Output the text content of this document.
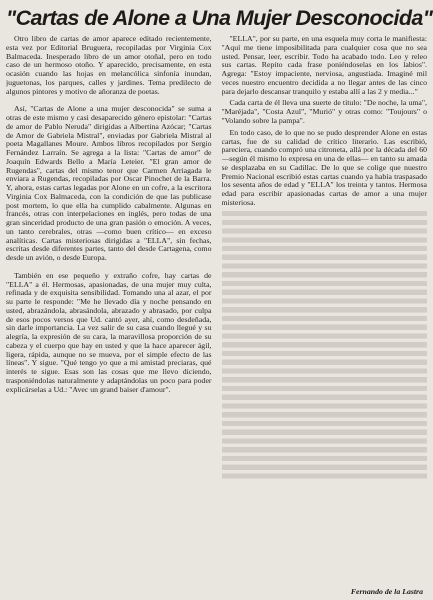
"Cartas de Alone a Una Mujer Desconocida"

Otro libro de cartas de amor aparece editado recientemente, esta vez por Editorial Bruguera, recopiladas por Virginia Cox Balmaceda. Inesperado libro de un amor otoñal, pero en todo caso de un hermoso otoño. Y aparecido, precisamente, en esta ocasión cuando las hojas en melancólica sinfonía inundan, juguetonas, los parques, calles y jardines. Tema predilecto de algunos pintores y motivo de añoranza de poetas.

Así, "Cartas de Alone a una mujer desconocida" se suma a otras de este mismo y casi desaparecido género epistolar: "Cartas de amor de Pablo Neruda" dirigidas a Albertina Azócar; "Cartas de Amor de Gabriela Mistral", enviadas por Gabriela Mistral al poeta Magallanes Moure. Ambos libros recopilados por Sergio Fernández Larraín. Se agrega a la lista: "Cartas de amor" de Joaquín Edwards Bello a María Leteier. "El gran amor de Rugendas", cartas del mismo tenor que Carmen Arriagada le enviara a Rugendas, recopiladas por Oscar Pinochet de la Barra. Y, ahora, estas cartas legadas por Alone en un cofre, a la escritora Virginia Cox Balmaceda, con la condición de que las publicase post mortem, lo que ella ha cumplido cabalmente. Algunas en francés, otras con interpelaciones en inglés, pero todas de una gran sinceridad producto de una gran pasión o emoción. A veces, un tanto cerebrales, otras —como buen crítico— en exceso analíticas. Cartas misteriosas dirigidas a "ELLA", sin fechas, escritas desde diferentes partes, tanto del desde Cartagena, como desde un avión, o desde Europa.

También en ese pequeño y extraño cofre, hay cartas de "ELLA" a él. Hermosas, apasionadas, de una mujer muy culta, refinada y de exquisita sensibilidad. Tomando una al azar, el por su parte le responde: "Me he llevado día y noche pensando en usted, abrazándola, abrasándola, abrazado y abrasado, por culpa de esos pocos versos que Ud. cantó ayer, ahí, como desdeñada, sin darle importancia. La vez salir de su casa cuando llegué y su alegría, la expresión de su cara, la maravillosa proporción de su cabeza y el cuerpo que hay en usted y que la hace aparecer ágil, ligera, rápida, aunque no se mueva, por el simple efecto de las líneas". Y sigue. "Qué tengo yo que a mi amistad preciaras, qué interés te sigue. Esas son las cosas que me llevo diciendo, trasponiéndolas naturalmente y adaptándolas un poco para poder explicárselas a Ud.: "Avec un grand baiser d'amour".

"ELLA", por su parte, en una esquela muy corta le manifiesta: "Aquí me tiene imposibilitada para cualquier cosa que no sea usted. Pensar, leer, escribir. Todo ha acabado todo. Leo y releo sus cartas. Repito cada frase poniéndoselas en los labios". Agrega: "Estoy impaciente, nerviosa, angustiada. Imaginé mil veces nuestro encuentro decidida a no llegar antes de las cinco para dejarlo descansar tranquilo y estaba allí a las 2 y media..."

Cada carta de él lleva una suerte de título: "De noche, la uma", "Maréjada", "Costa Azul", "Murió" y otras como: "Toujours" o "Volando sobre la pampa".

En todo caso, de lo que no se pudo desprender Alone en estas cartas, fue de su calidad de crítico literario. Las escribió, pareciera, cuando compró una citroneta, allá por la década del 60 —según él mismo lo expresa en una de ellas— en tanto su amada se desplazaba en su Cadillac. De lo que se colige que nuestro Premio Nacional escribió estas cartas cuando ya había traspasado los sesenta años de edad y "ELLA" los treinta y tantos. Hermosa edad para escribir apasionadas cartas de amor a una mujer misteriosa.

Fernando de la Lastra
